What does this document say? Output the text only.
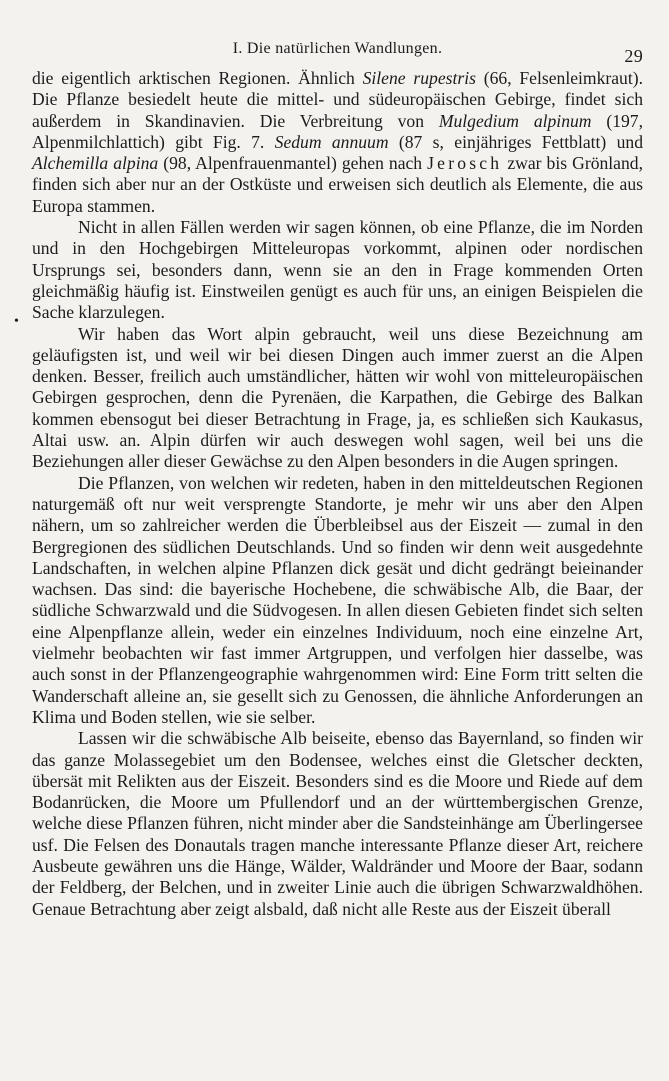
I. Die natürlichen Wandlungen.	29
•

die eigentlich arktischen Regionen. Ähnlich Silene rupestris (66, Felsenleimkraut). Die Pflanze besiedelt heute die mittel- und südeuropäischen Gebirge, findet sich außerdem in Skandinavien. Die Verbreitung von Mulgedium alpinum (197, Alpenmilchlattich) gibt Fig. 7. Sedum annuum (87 s, einjähriges Fettblatt) und Alchemilla alpina (98, Alpenfrauenmantel) gehen nach Jerosch zwar bis Grönland, finden sich aber nur an der Ostküste und erweisen sich deutlich als Elemente, die aus Europa stammen.

Nicht in allen Fällen werden wir sagen können, ob eine Pflanze, die im Norden und in den Hochgebirgen Mitteleuropas vorkommt, alpinen oder nordischen Ursprungs sei, besonders dann, wenn sie an den in Frage kommenden Orten gleichmäßig häufig ist. Einstweilen genügt es auch für uns, an einigen Beispielen die Sache klarzulegen.

Wir haben das Wort alpin gebraucht, weil uns diese Bezeichnung am geläufigsten ist, und weil wir bei diesen Dingen auch immer zuerst an die Alpen denken. Besser, freilich auch umständlicher, hätten wir wohl von mitteleuropäischen Gebirgen gesprochen, denn die Pyrenäen, die Karpathen, die Gebirge des Balkan kommen ebensogut bei dieser Betrachtung in Frage, ja, es schließen sich Kaukasus, Altai usw. an. Alpin dürfen wir auch deswegen wohl sagen, weil bei uns die Beziehungen aller dieser Gewächse zu den Alpen besonders in die Augen springen.

Die Pflanzen, von welchen wir redeten, haben in den mitteldeutschen Regionen naturgemäß oft nur weit versprengte Standorte, je mehr wir uns aber den Alpen nähern, um so zahlreicher werden die Überbleibsel aus der Eiszeit — zumal in den Bergregionen des südlichen Deutschlands. Und so finden wir denn weit ausgedehnte Landschaften, in welchen alpine Pflanzen dick gesät und dicht gedrängt beieinander wachsen. Das sind: die bayerische Hochebene, die schwäbische Alb, die Baar, der südliche Schwarzwald und die Südvogesen. In allen diesen Gebieten findet sich selten eine Alpenpflanze allein, weder ein einzelnes Individuum, noch eine einzelne Art, vielmehr beobachten wir fast immer Artgruppen, und verfolgen hier dasselbe, was auch sonst in der Pflanzengeographie wahrgenommen wird: Eine Form tritt selten die Wanderschaft alleine an, sie gesellt sich zu Genossen, die ähnliche Anforderungen an Klima und Boden stellen, wie sie selber.

Lassen wir die schwäbische Alb beiseite, ebenso das Bayernland, so finden wir das ganze Molassegebiet um den Bodensee, welches einst die Gletscher deckten, übersät mit Relikten aus der Eiszeit. Besonders sind es die Moore und Riede auf dem Bodanrücken, die Moore um Pfullendorf und an der württembergischen Grenze, welche diese Pflanzen führen, nicht minder aber die Sandsteinhänge am Überlingersee usf. Die Felsen des Donautals tragen manche interessante Pflanze dieser Art, reichere Ausbeute gewähren uns die Hänge, Wälder, Waldränder und Moore der Baar, sodann der Feldberg, der Belchen, und in zweiter Linie auch die übrigen Schwarzwaldhöhen. Genaue Betrachtung aber zeigt alsbald, daß nicht alle Reste aus der Eiszeit überall
